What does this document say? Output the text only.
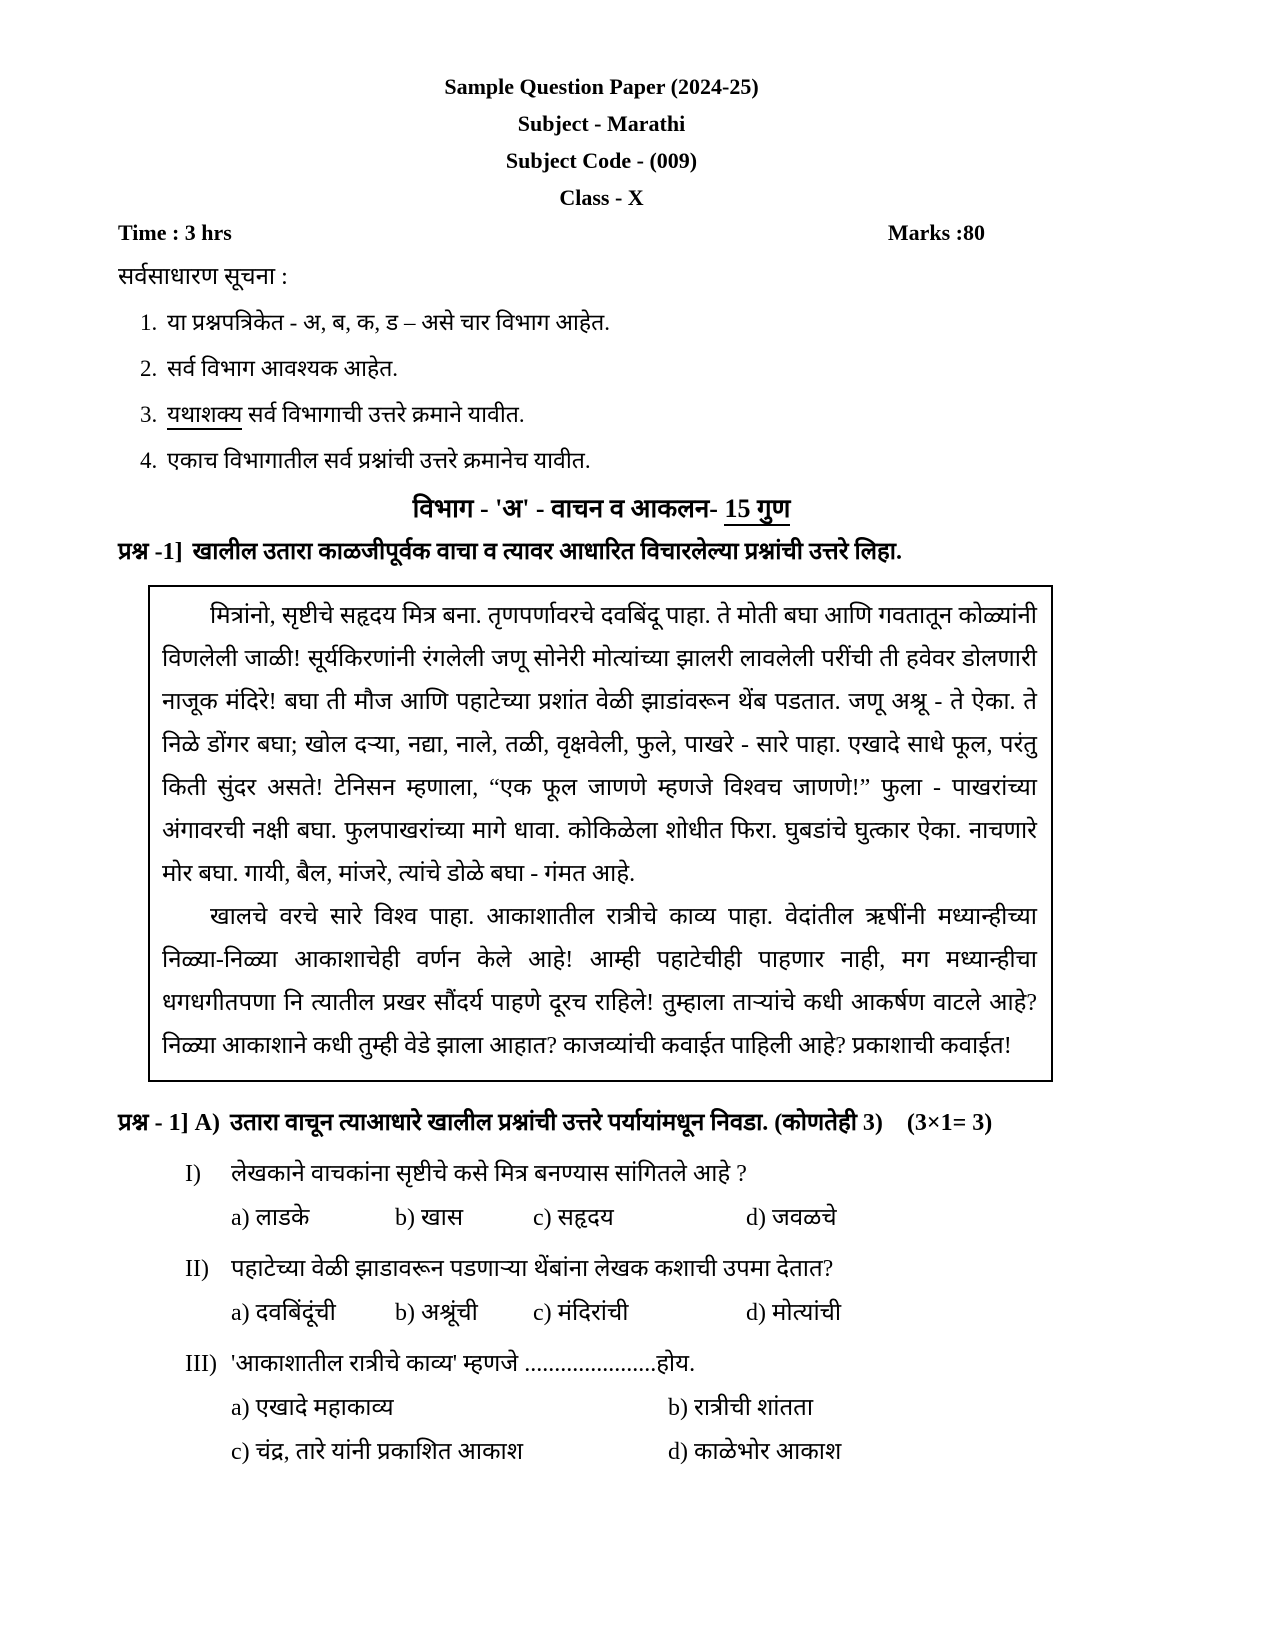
Sample Question Paper (2024-25)
Subject - Marathi
Subject Code - (009)
Class - X
Time : 3 hrs	Marks :80
सर्वसाधारण सूचना :
1. या प्रश्नपत्रिकेत - अ, ब, क, ड – असे चार विभाग आहेत.
2. सर्व विभाग आवश्यक आहेत.
3. यथाशक्य सर्व विभागाची उत्तरे क्रमाने यावीत.
4. एकाच विभागातील सर्व प्रश्नांची उत्तरे क्रमानेच यावीत.
विभाग - 'अ' - वाचन व आकलन- 15 गुण
प्रश्न -1] खालील उतारा काळजीपूर्वक वाचा व त्यावर आधारित विचारलेल्या प्रश्नांची उत्तरे लिहा.

मित्रांनो, सृष्टीचे सहृदय मित्र बना. तृणपर्णावरचे दवबिंदू पाहा. ते मोती बघा आणि गवतातून कोळ्यांनी विणलेली जाळी! सूर्यकिरणांनी रंगलेली जणू सोनेरी मोत्यांच्या झालरी लावलेली परींची ती हवेवर डोलणारी नाजूक मंदिरे! बघा ती मौज आणि पहाटेच्या प्रशांत वेळी झाडांवरून थेंब पडतात. जणू अश्रू - ते ऐका. ते निळे डोंगर बघा; खोल दऱ्या, नद्या, नाले, तळी, वृक्षवेली, फुले, पाखरे - सारे पाहा. एखादे साधे फूल, परंतु किती सुंदर असते! टेनिसन म्हणाला, “एक फूल जाणणे म्हणजे विश्वच जाणणे!” फुला - पाखरांच्या अंगावरची नक्षी बघा. फुलपाखरांच्या मागे धावा. कोकिळेला शोधीत फिरा. घुबडांचे घुत्कार ऐका. नाचणारे मोर बघा. गायी, बैल, मांजरे, त्यांचे डोळे बघा - गंमत आहे.

खालचे वरचे सारे विश्व पाहा. आकाशातील रात्रीचे काव्य पाहा. वेदांतील ऋषींनी मध्यान्हीच्या निळ्या-निळ्या आकाशाचेही वर्णन केले आहे! आम्ही पहाटेचीही पाहणार नाही, मग मध्यान्हीचा धगधगीतपणा नि त्यातील प्रखर सौंदर्य पाहणे दूरच राहिले! तुम्हाला ताऱ्यांचे कधी आकर्षण वाटले आहे? निळ्या आकाशाने कधी तुम्ही वेडे झाला आहात? काजव्यांची कवाईत पाहिली आहे? प्रकाशाची कवाईत!

प्रश्न - 1] A) उतारा वाचून त्याआधारे खालील प्रश्नांची उत्तरे पर्यायांमधून निवडा. (कोणतेही 3) (3×1= 3)
I)	लेखकाने वाचकांना सृष्टीचे कसे मित्र बनण्यास सांगितले आहे ?
a) लाडके	b) खास	c) सहृदय	d) जवळचे
II) पहाटेच्या वेळी झाडावरून पडणाऱ्या थेंबांना लेखक कशाची उपमा देतात?
a) दवबिंदूंची b) अश्रूंची c) मंदिरांची	d) मोत्यांची
III) 'आकाशातील रात्रीचे काव्य' म्हणजे ......................होय.
a) एखादे महाकाव्य	b) रात्रीची शांतता
c) चंद्र, तारे यांनी प्रकाशित आकाश	d) काळेभोर आकाश
